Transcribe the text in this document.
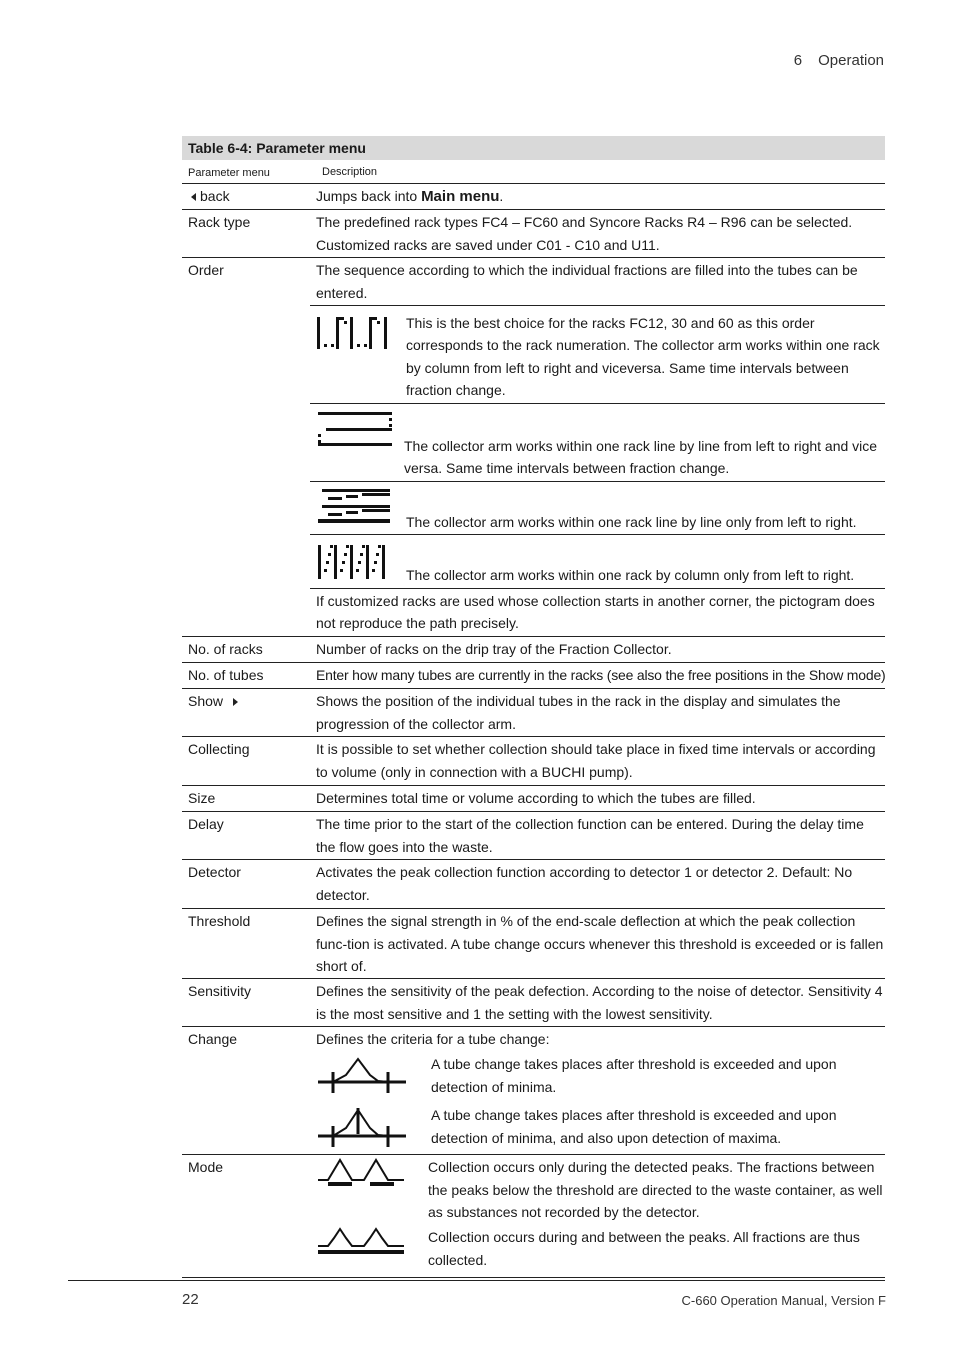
6 Operation
Table 6-4: Parameter menu
Parameter menu	Description
back	Jumps back into Main menu.
Rack type	The predefined rack types FC4 – FC60 and Syncore Racks R4 – R96 can be selected. Customized racks are saved under C01 - C10 and U11.
Order	The sequence according to which the individual fractions are filled into the tubes can be entered.
This is the best choice for the racks FC12, 30 and 60 as this order corresponds to the rack numeration. The collector arm works within one rack by column from left to right and viceversa. Same time intervals between fraction change.
The collector arm works within one rack line by line from left to right and vice versa. Same time intervals between fraction change.
The collector arm works within one rack line by line only from left to right.
The collector arm works within one rack by column only from left to right.
If customized racks are used whose collection starts in another corner, the pictogram does not reproduce the path precisely.
No. of racks	Number of racks on the drip tray of the Fraction Collector.
No. of tubes	Enter how many tubes are currently in the racks (see also the free positions in the Show mode)
Show	Shows the position of the individual tubes in the rack in the display and simulates the progression of the collector arm.
Collecting	It is possible to set whether collection should take place in fixed time intervals or according to volume (only in connection with a BUCHI pump).
Size	Determines total time or volume according to which the tubes are filled.
Delay	The time prior to the start of the collection function can be entered. During the delay time the flow goes into the waste.
Detector	Activates the peak collection function according to detector 1 or detector 2. Default: No detector.
Threshold	Defines the signal strength in % of the end-scale deflection at which the peak collection func-tion is activated. A tube change occurs whenever this threshold is exceeded or is fallen short of.
Sensitivity	Defines the sensitivity of the peak defection. According to the noise of detector. Sensitivity 4 is the most sensitive and 1 the setting with the lowest sensitivity.
Change	Defines the criteria for a tube change:
A tube change takes places after threshold is exceeded and upon detection of minima.
A tube change takes places after threshold is exceeded and upon detection of minima, and also upon detection of maxima.
Mode	Collection occurs only during the detected peaks. The fractions between the peaks below the threshold are directed to the waste container, as well as substances not recorded by the detector.
Collection occurs during and between the peaks. All fractions are thus collected.
22	C-660 Operation Manual, Version F
